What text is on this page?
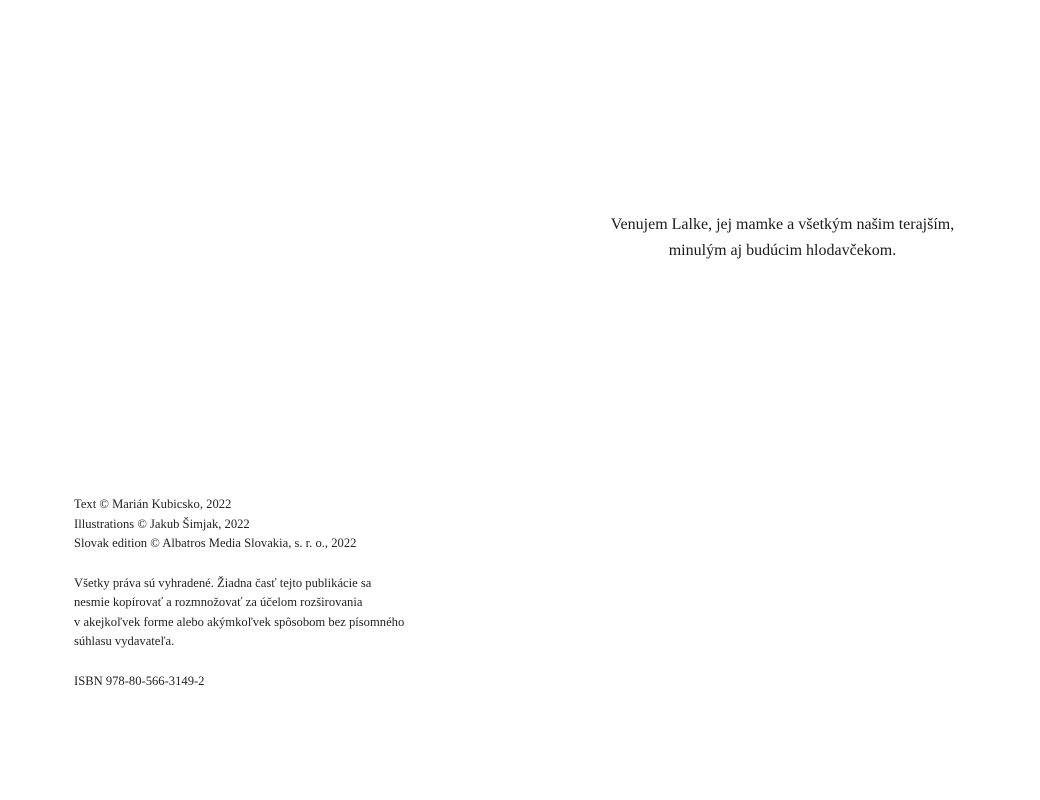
Text © Marián Kubicsko, 2022
Illustrations © Jakub Šimjak, 2022
Slovak edition © Albatros Media Slovakia, s. r. o., 2022
Všetky práva sú vyhradené. Žiadna časť tejto publikácie sa
nesmie kopírovať a rozmnožovať za účelom rozširovania
v akejkoľvek forme alebo akýmkoľvek spôsobom bez písomného
súhlasu vydavateľa.
ISBN 978-80-566-3149-2
Venujem Lalke, jej mamke a všetkým našim terajším,
minulým aj budúcim hlodavčekom.
